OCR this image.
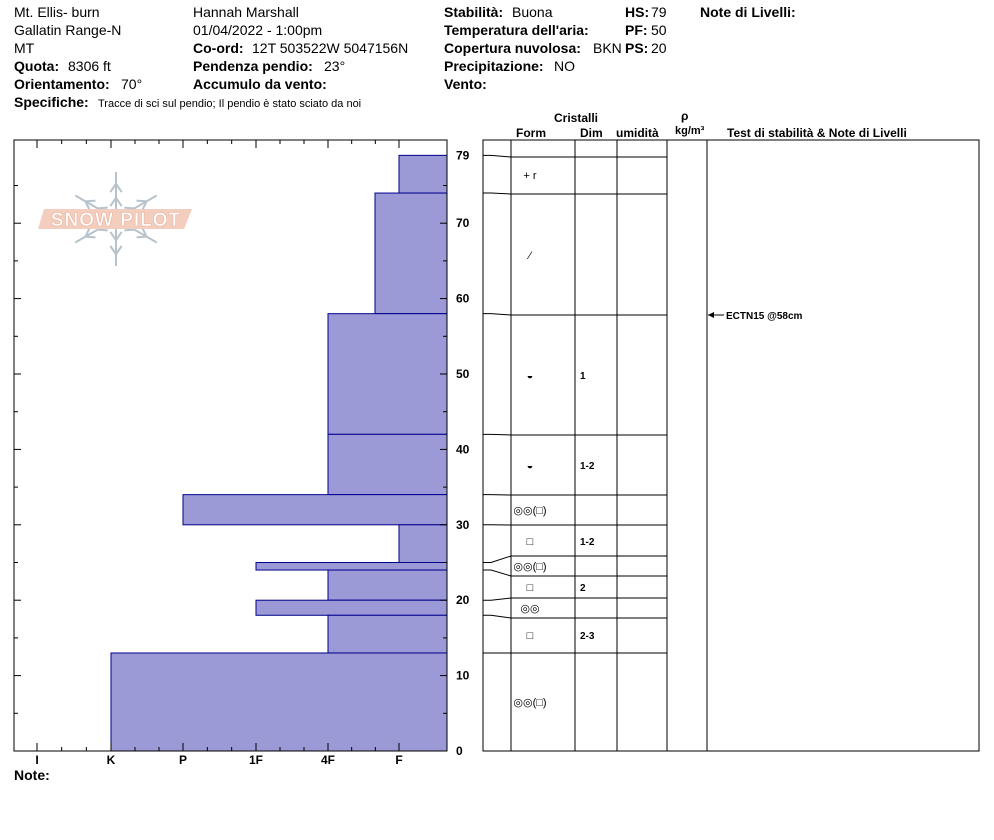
Mt. Ellis- burn
Gallatin Range-N
MT
Quota: 8306 ft
Orientamento: 70°
Specifiche: Tracce di sci sul pendio; Il pendio è stato sciato da noi
Hannah Marshall
01/04/2022 - 1:00pm
Co-ord: 12T 503522W 5047156N
Pendenza pendio: 23°
Accumulo da vento:
Stabilità: Buona
Temperatura dell'aria:
Copertura nuvolosa: BKN
Precipitazione: NO
Vento:
HS: 79
PF: 50
PS: 20
Note di Livelli:
Cristalli
Form	Dim umidità
ρ
kg/m³ Test di stabilità & Note di Livelli
SNOW PILOT
0
10
20
30
40
50
60
70
79
I	K	P	1F	4F	F
+ r
⁄
◒	1
◒	1-2
◎◎(□)
□	1-2
◎◎(□)
□	2
◎◎
□	2-3
◎◎(□)
ECTN15 @58cm
Note:
